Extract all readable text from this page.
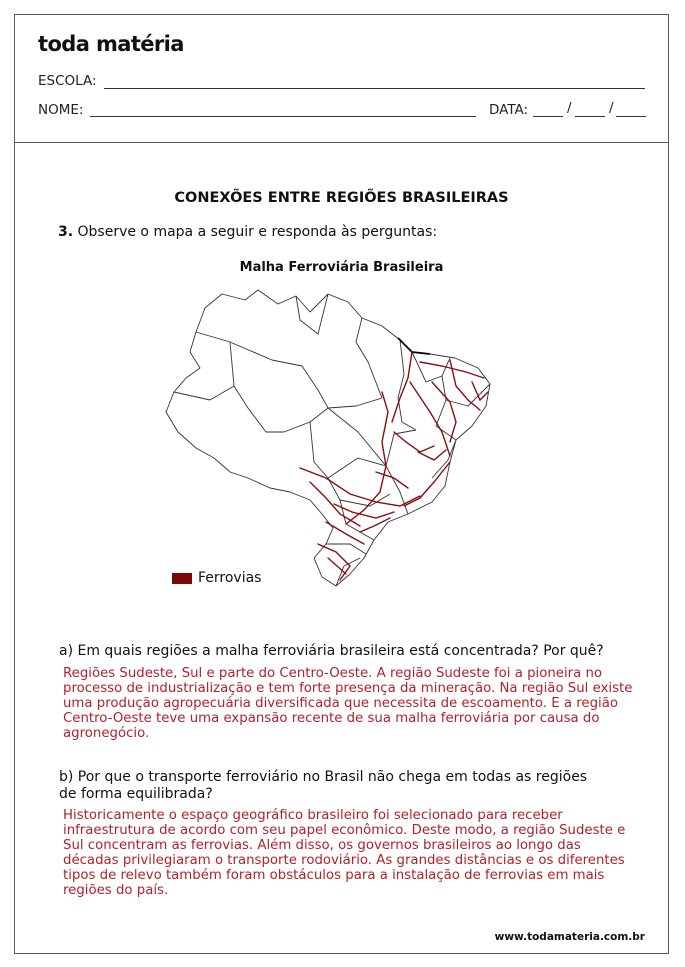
toda matéria
ESCOLA:
NOME:	DATA:	/	/
CONEXÕES ENTRE REGIÕES BRASILEIRAS
3. Observe o mapa a seguir e responda às perguntas:
Malha Ferroviária Brasileira
Ferrovias
a) Em quais regiões a malha ferroviária brasileira está concentrada? Por quê?
Regiões Sudeste, Sul e parte do Centro-Oeste. A região Sudeste foi a pioneira no processo de industrialização e tem forte presença da mineração. Na região Sul existe uma produção agropecuária diversificada que necessita de escoamento. E a região Centro-Oeste teve uma expansão recente de sua malha ferroviária por causa do agronegócio.
b) Por que o transporte ferroviário no Brasil não chega em todas as regiões de forma equilibrada?
Historicamente o espaço geográfico brasileiro foi selecionado para receber infraestrutura de acordo com seu papel econômico. Deste modo, a região Sudeste e Sul concentram as ferrovias. Além disso, os governos brasileiros ao longo das décadas privilegiaram o transporte rodoviário. As grandes distâncias e os diferentes tipos de relevo também foram obstáculos para a instalação de ferrovias em mais regiões do país.
www.todamateria.com.br
